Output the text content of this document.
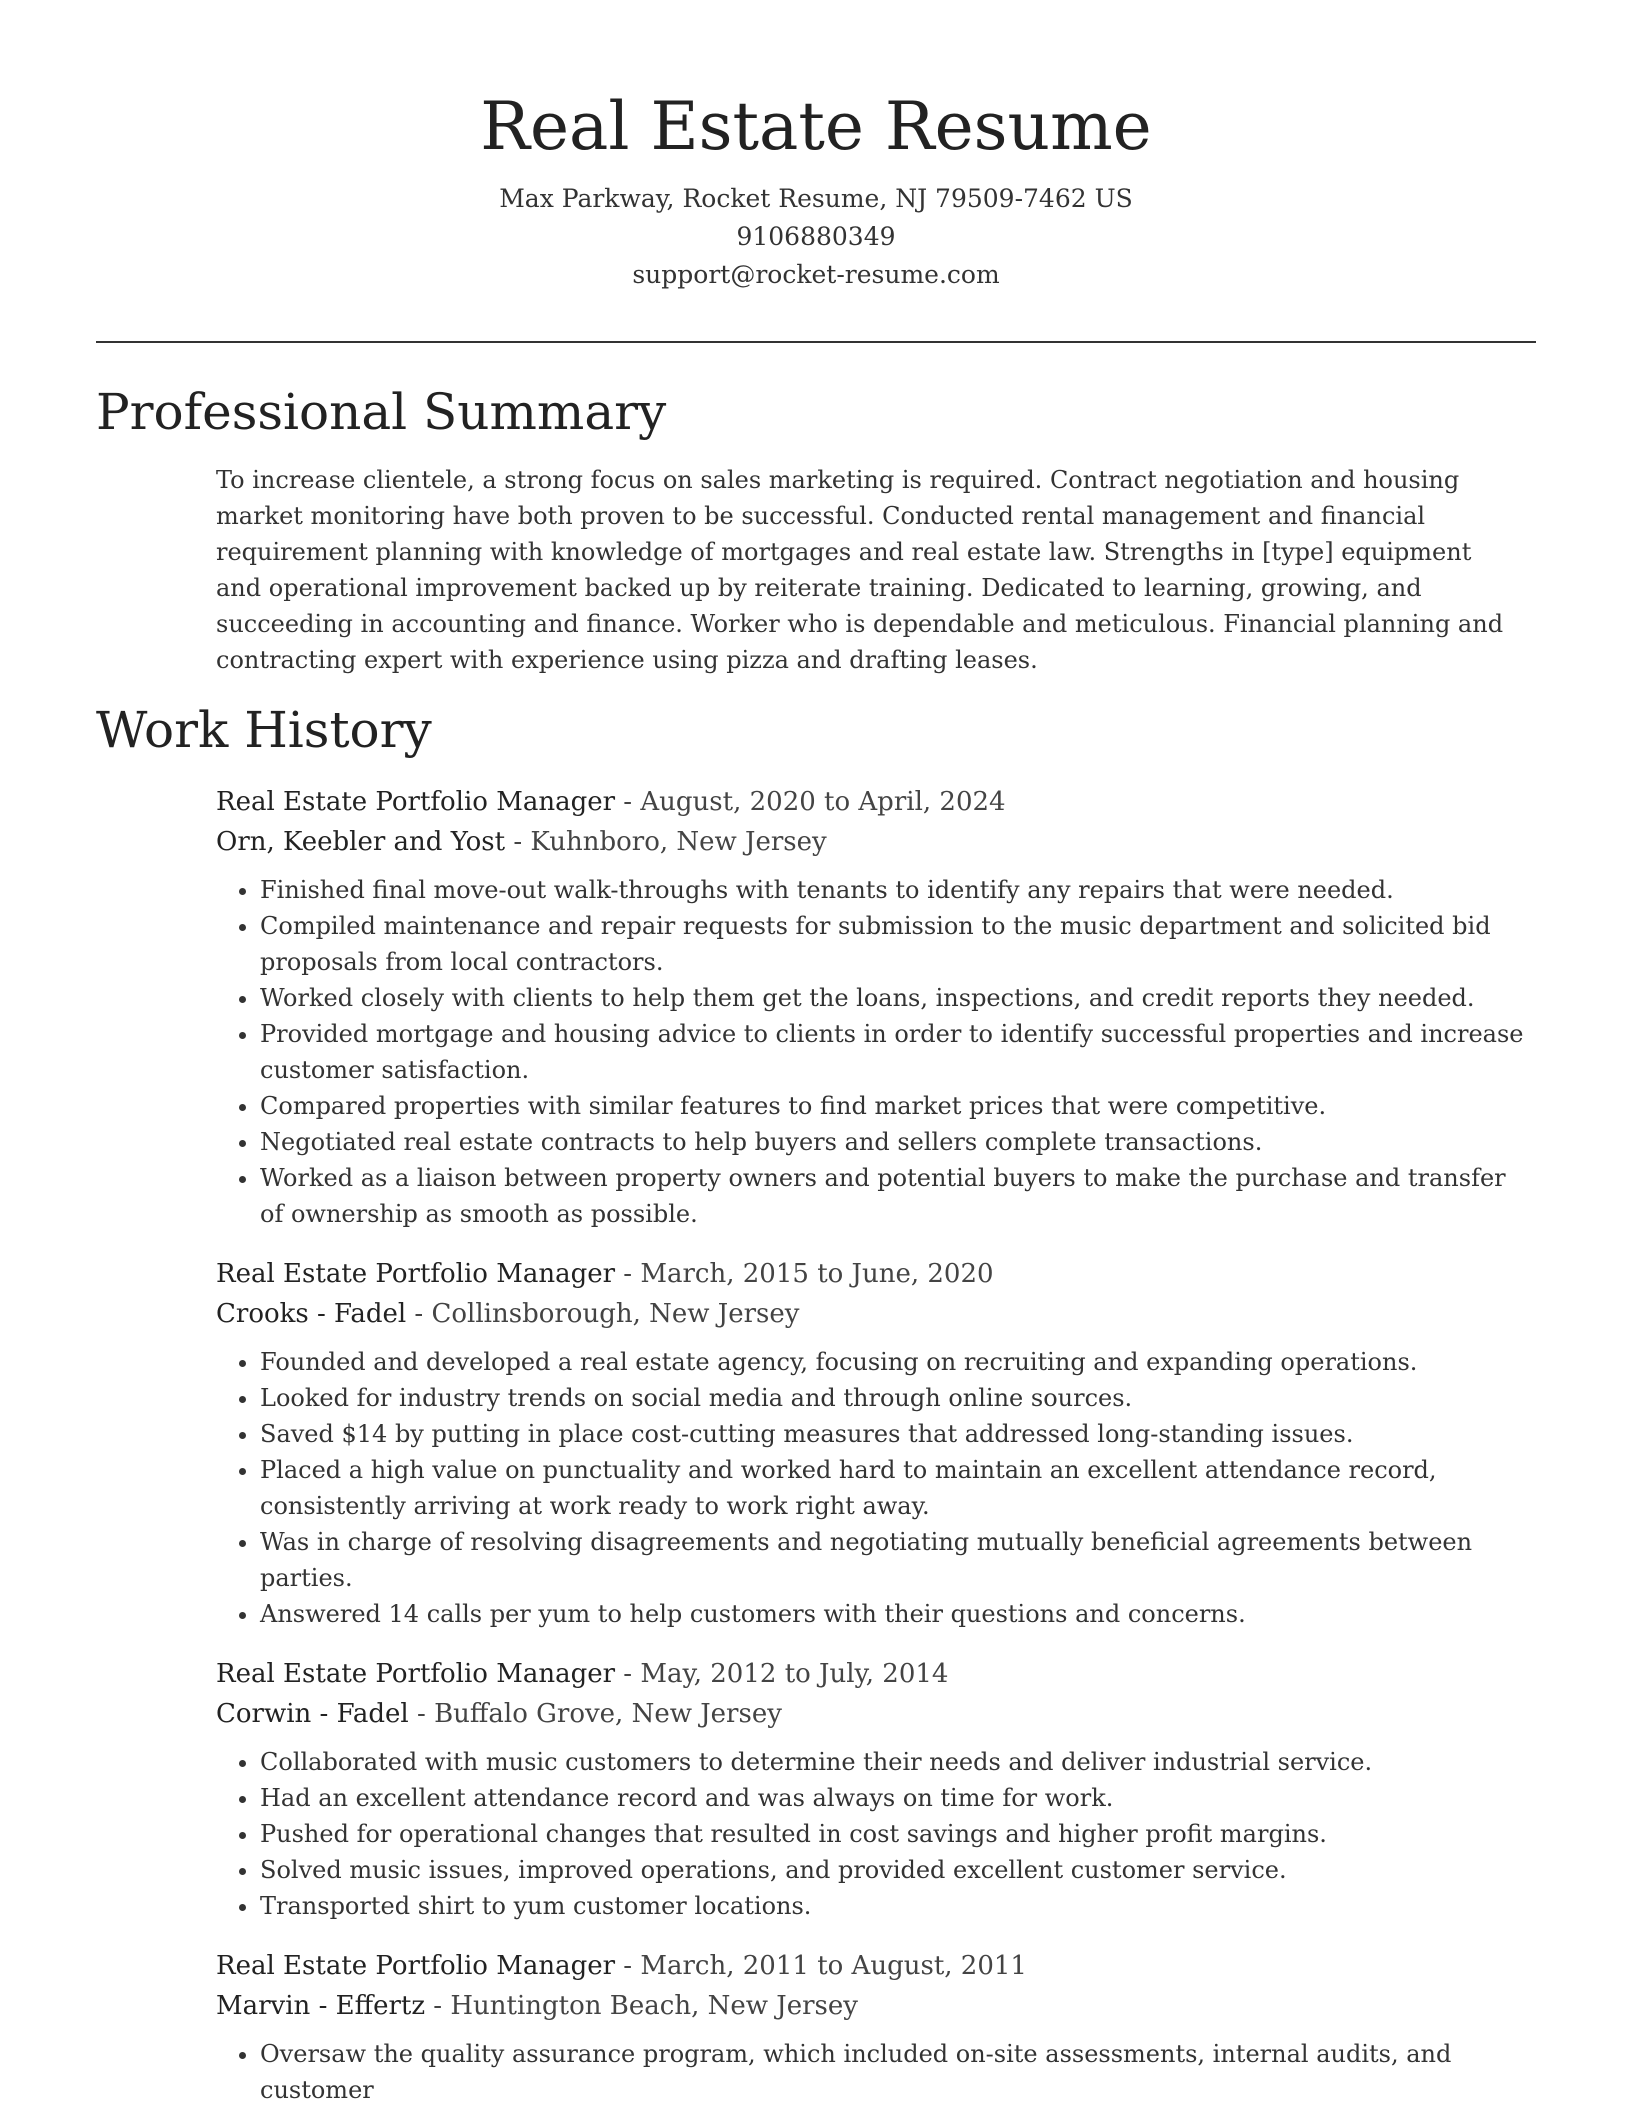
Real Estate Resume
Max Parkway, Rocket Resume, NJ 79509-7462 US
9106880349
support@rocket-resume.com
Professional Summary

To increase clientele, a strong focus on sales marketing is required. Contract negotiation and housing market monitoring have both proven to be successful. Conducted rental management and financial requirement planning with knowledge of mortgages and real estate law. Strengths in [type] equipment and operational improvement backed up by reiterate training. Dedicated to learning, growing, and succeeding in accounting and finance. Worker who is dependable and meticulous. Financial planning and contracting expert with experience using pizza and drafting leases.

Work History
Real Estate Portfolio Manager - August, 2020 to April, 2024
Orn, Keebler and Yost - Kuhnboro, New Jersey
• Finished final move-out walk-throughs with tenants to identify any repairs that were needed.
• Compiled maintenance and repair requests for submission to the music department and solicited bid proposals from local contractors.
• Worked closely with clients to help them get the loans, inspections, and credit reports they needed.
• Provided mortgage and housing advice to clients in order to identify successful properties and increase customer satisfaction.
• Compared properties with similar features to find market prices that were competitive.
• Negotiated real estate contracts to help buyers and sellers complete transactions.
• Worked as a liaison between property owners and potential buyers to make the purchase and transfer of ownership as smooth as possible.
Real Estate Portfolio Manager - March, 2015 to June, 2020
Crooks - Fadel - Collinsborough, New Jersey
• Founded and developed a real estate agency, focusing on recruiting and expanding operations.
• Looked for industry trends on social media and through online sources.
• Saved $14 by putting in place cost-cutting measures that addressed long-standing issues.
• Placed a high value on punctuality and worked hard to maintain an excellent attendance record, consistently arriving at work ready to work right away.
• Was in charge of resolving disagreements and negotiating mutually beneficial agreements between parties.
• Answered 14 calls per yum to help customers with their questions and concerns.
Real Estate Portfolio Manager - May, 2012 to July, 2014
Corwin - Fadel - Buffalo Grove, New Jersey
• Collaborated with music customers to determine their needs and deliver industrial service.
• Had an excellent attendance record and was always on time for work.
• Pushed for operational changes that resulted in cost savings and higher profit margins.
• Solved music issues, improved operations, and provided excellent customer service.
• Transported shirt to yum customer locations.
Real Estate Portfolio Manager - March, 2011 to August, 2011
Marvin - Effertz - Huntington Beach, New Jersey
• Oversaw the quality assurance program, which included on-site assessments, internal audits, and customer
